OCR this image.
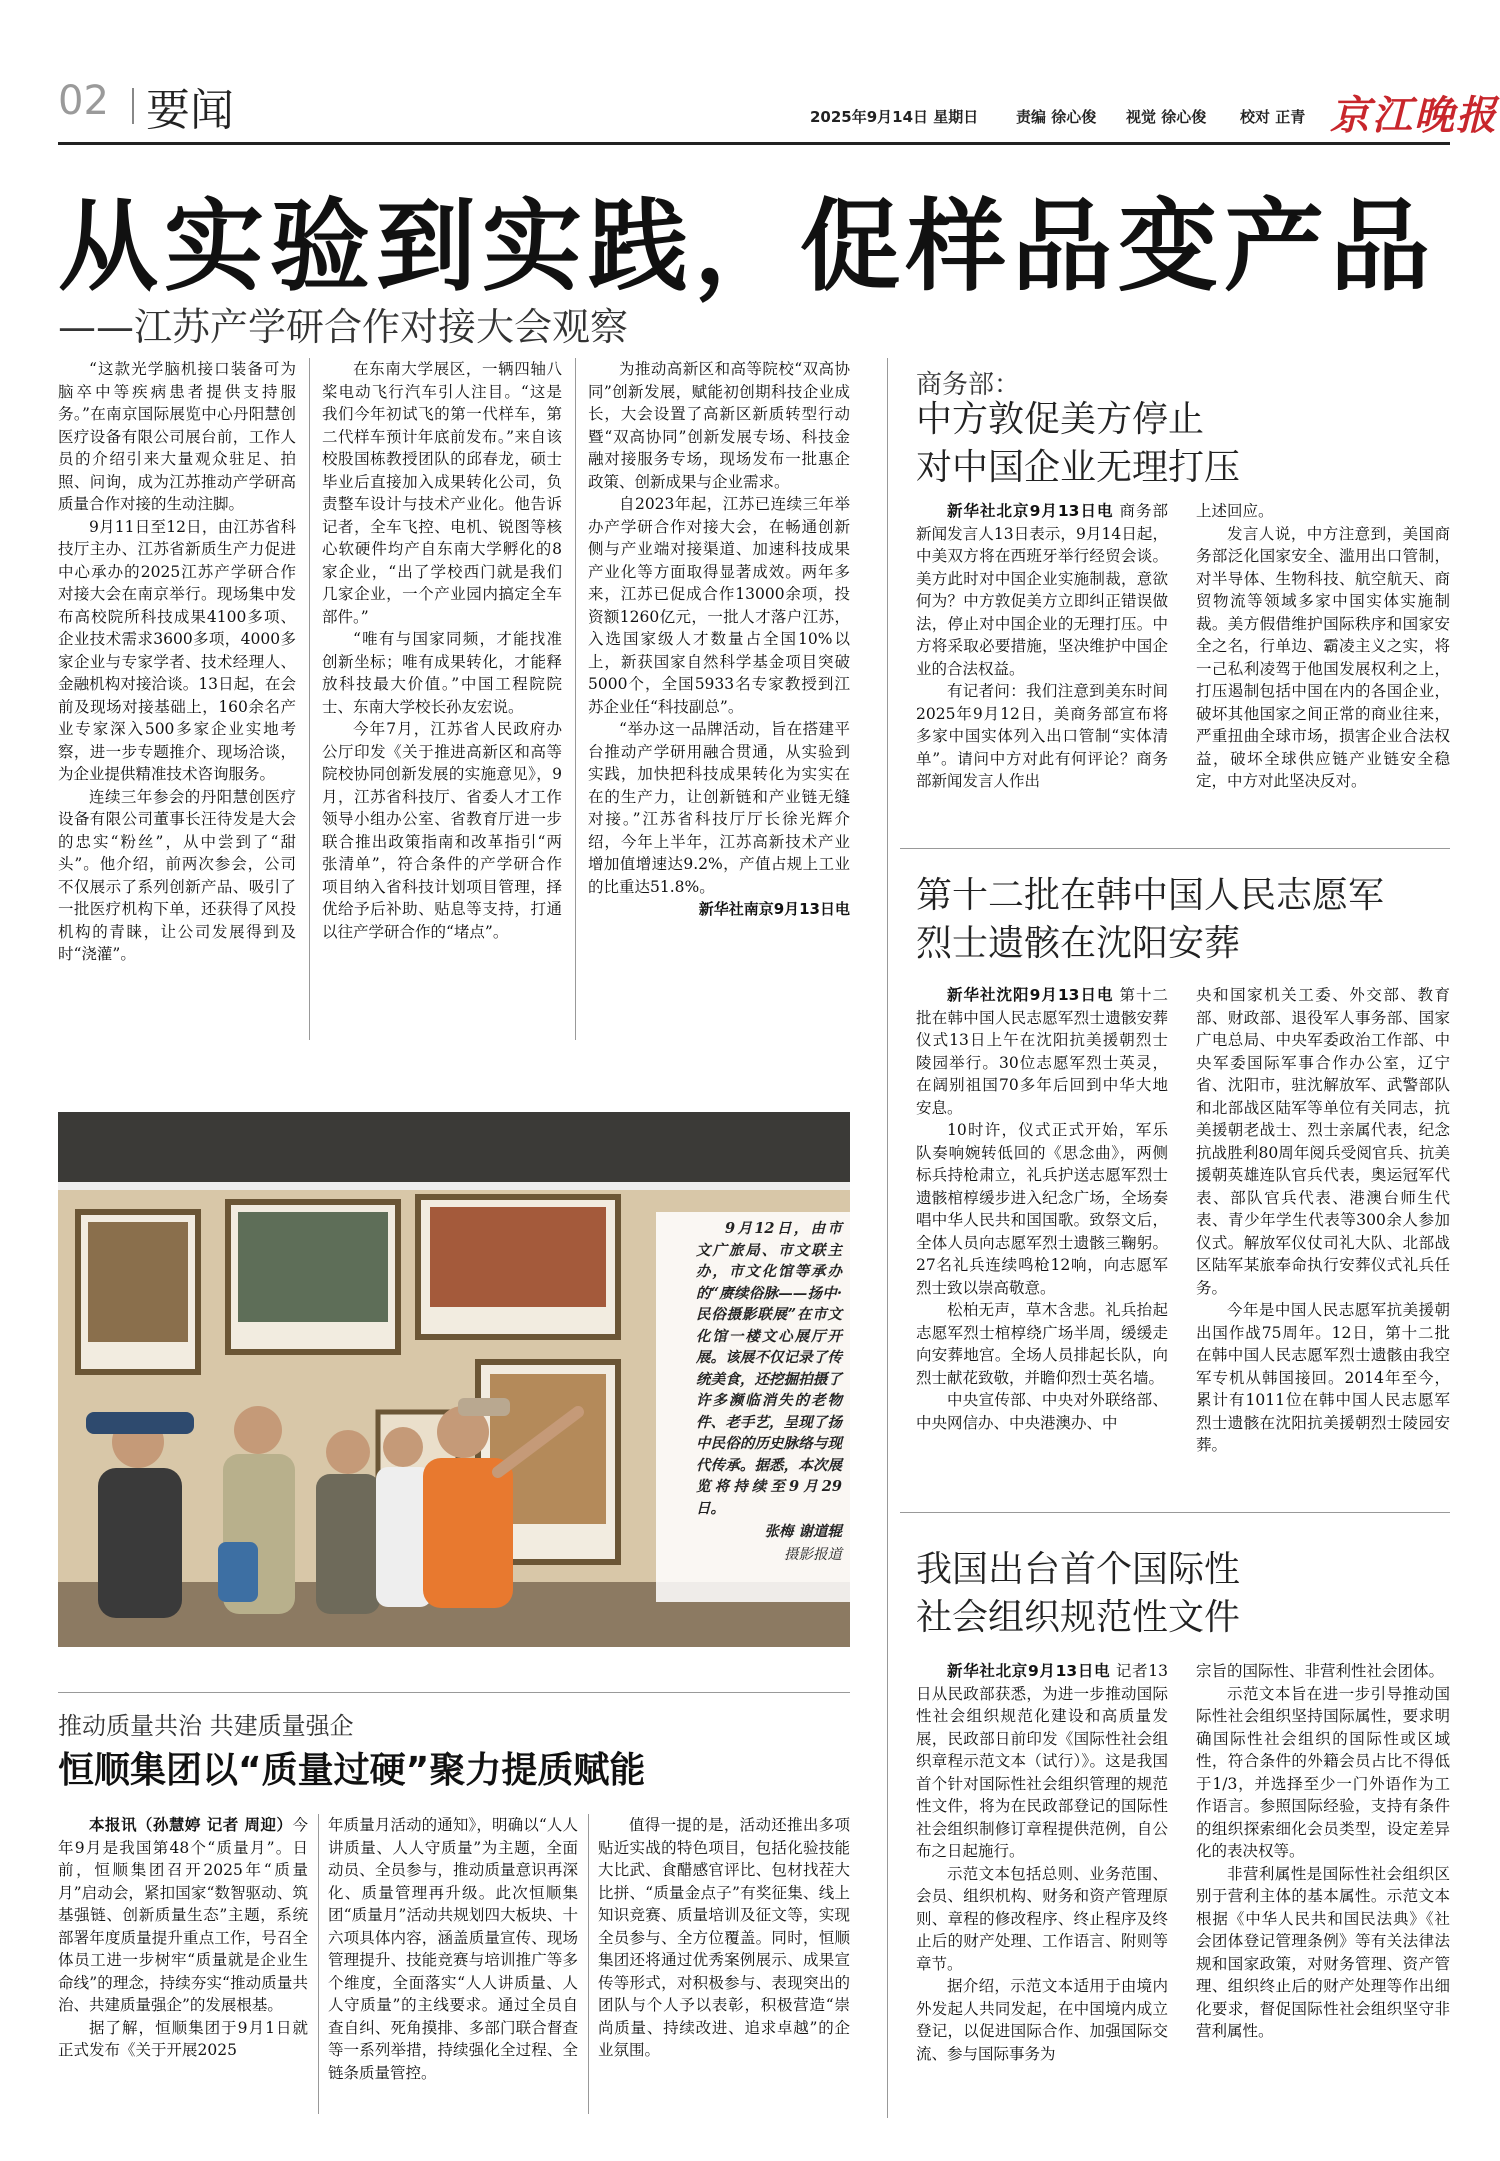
02 要闻	2025年9月14日 星期日	责编 徐心俊 视觉 徐心俊 校对 正青 京江晚报
从实验到实践，促样品变产品
——江苏产学研合作对接大会观察

“这款光学脑机接口装备可为脑卒中等疾病患者提供支持服务。”在南京国际展览中心丹阳慧创医疗设备有限公司展台前，工作人员的介绍引来大量观众驻足、拍照、问询，成为江苏推动产学研高质量合作对接的生动注脚。

9月11日至12日，由江苏省科技厅主办、江苏省新质生产力促进中心承办的2025江苏产学研合作对接大会在南京举行。现场集中发布高校院所科技成果4100多项、企业技术需求3600多项，4000多家企业与专家学者、技术经理人、金融机构对接洽谈。13日起，在会前及现场对接基础上，160余名产业专家深入500多家企业实地考察，进一步专题推介、现场洽谈，为企业提供精准技术咨询服务。

连续三年参会的丹阳慧创医疗设备有限公司董事长汪待发是大会的忠实“粉丝”，从中尝到了“甜头”。他介绍，前两次参会，公司不仅展示了系列创新产品、吸引了一批医疗机构下单，还获得了风投机构的青睐，让公司发展得到及时“浇灌”。

在东南大学展区，一辆四轴八桨电动飞行汽车引人注目。“这是我们今年初试飞的第一代样车，第二代样车预计年底前发布。”来自该校股国栋教授团队的邱春龙，硕士毕业后直接加入成果转化公司，负责整车设计与技术产业化。他告诉记者，全车飞控、电机、锐图等核心软硬件均产自东南大学孵化的8家企业，“出了学校西门就是我们几家企业，一个产业园内搞定全车部件。”

“唯有与国家同频，才能找准创新坐标；唯有成果转化，才能释放科技最大价值。”中国工程院院士、东南大学校长孙友宏说。

今年7月，江苏省人民政府办公厅印发《关于推进高新区和高等院校协同创新发展的实施意见》，9月，江苏省科技厅、省委人才工作领导小组办公室、省教育厅进一步联合推出政策指南和改革指引“两张清单”，符合条件的产学研合作项目纳入省科技计划项目管理，择优给予后补助、贴息等支持，打通以往产学研合作的“堵点”。

为推动高新区和高等院校“双高协同”创新发展，赋能初创期科技企业成长，大会设置了高新区新质转型行动暨“双高协同”创新发展专场、科技金融对接服务专场，现场发布一批惠企政策、创新成果与企业需求。

自2023年起，江苏已连续三年举办产学研合作对接大会，在畅通创新侧与产业端对接渠道、加速科技成果产业化等方面取得显著成效。两年多来，江苏已促成合作13000余项，投资额1260亿元，一批人才落户江苏，入选国家级人才数量占全国10%以上，新获国家自然科学基金项目突破5000个，全国5933名专家教授到江苏企业任“科技副总”。

“举办这一品牌活动，旨在搭建平台推动产学研用融合贯通，从实验到实践，加快把科技成果转化为实实在在的生产力，让创新链和产业链无缝对接。”江苏省科技厅厅长徐光辉介绍，今年上半年，江苏高新技术产业增加值增速达9.2%，产值占规上工业的比重达51.8%。

新华社南京9月13日电

9月12日，由市文广旅局、市文联主办，市文化馆等承办的“赓续俗脉——扬中·民俗摄影联展”在市文化馆一楼文心展厅开展。该展不仅记录了传统美食，还挖掘拍摄了许多濒临消失的老物件、老手艺，呈现了扬中民俗的历史脉络与现代传承。据悉，本次展览将持续至9月29日。

张梅 谢道辊
摄影报道
推动质量共治 共建质量强企
恒顺集团以“质量过硬”聚力提质赋能

本报讯（孙慧婷 记者 周迎）今年9月是我国第48个“质量月”。日前，恒顺集团召开2025年“质量月”启动会，紧扣国家“数智驱动、筑基强链、创新质量生态”主题，系统部署年度质量提升重点工作，号召全体员工进一步树牢“质量就是企业生命线”的理念，持续夯实“推动质量共治、共建质量强企”的发展根基。

据了解，恒顺集团于9月1日就正式发布《关于开展2025

年质量月活动的通知》，明确以“人人讲质量、人人守质量”为主题，全面动员、全员参与，推动质量意识再深化、质量管理再升级。此次恒顺集团“质量月”活动共规划四大板块、十六项具体内容，涵盖质量宣传、现场管理提升、技能竞赛与培训推广等多个维度，全面落实“人人讲质量、人人守质量”的主线要求。通过全员自查自纠、死角摸排、多部门联合督查等一系列举措，持续强化全过程、全链条质量管控。

值得一提的是，活动还推出多项贴近实战的特色项目，包括化验技能大比武、食醋感官评比、包材找茬大比拼、“质量金点子”有奖征集、线上知识竞赛、质量培训及征文等，实现全员参与、全方位覆盖。同时，恒顺集团还将通过优秀案例展示、成果宣传等形式，对积极参与、表现突出的团队与个人予以表彰，积极营造“崇尚质量、持续改进、追求卓越”的企业氛围。

商务部：
中方敦促美方停止
对中国企业无理打压

新华社北京9月13日电 商务部新闻发言人13日表示，9月14日起，中美双方将在西班牙举行经贸会谈。美方此时对中国企业实施制裁，意欲何为？中方敦促美方立即纠正错误做法，停止对中国企业的无理打压。中方将采取必要措施，坚决维护中国企业的合法权益。

有记者问：我们注意到美东时间2025年9月12日，美商务部宣布将多家中国实体列入出口管制“实体清单”。请问中方对此有何评论？商务部新闻发言人作出

上述回应。

发言人说，中方注意到，美国商务部泛化国家安全、滥用出口管制，对半导体、生物科技、航空航天、商贸物流等领域多家中国实体实施制裁。美方假借维护国际秩序和国家安全之名，行单边、霸凌主义之实，将一己私利凌驾于他国发展权利之上，打压遏制包括中国在内的各国企业，破坏其他国家之间正常的商业往来，严重扭曲全球市场，损害企业合法权益，破坏全球供应链产业链安全稳定，中方对此坚决反对。

第十二批在韩中国人民志愿军
烈士遗骸在沈阳安葬

新华社沈阳9月13日电 第十二批在韩中国人民志愿军烈士遗骸安葬仪式13日上午在沈阳抗美援朝烈士陵园举行。30位志愿军烈士英灵，在阔别祖国70多年后回到中华大地安息。

10时许，仪式正式开始，军乐队奏响婉转低回的《思念曲》，两侧标兵持枪肃立，礼兵护送志愿军烈士遗骸棺椁缓步进入纪念广场，全场奏唱中华人民共和国国歌。致祭文后，全体人员向志愿军烈士遗骸三鞠躬。27名礼兵连续鸣枪12响，向志愿军烈士致以崇高敬意。

松柏无声，草木含悲。礼兵抬起志愿军烈士棺椁绕广场半周，缓缓走向安葬地宫。全场人员排起长队，向烈士献花致敬，并瞻仰烈士英名墙。

中央宣传部、中央对外联络部、中央网信办、中央港澳办、中

央和国家机关工委、外交部、教育部、财政部、退役军人事务部、国家广电总局、中央军委政治工作部、中央军委国际军事合作办公室，辽宁省、沈阳市，驻沈解放军、武警部队和北部战区陆军等单位有关同志，抗美援朝老战士、烈士亲属代表，纪念抗战胜利80周年阅兵受阅官兵、抗美援朝英雄连队官兵代表，奥运冠军代表、部队官兵代表、港澳台师生代表、青少年学生代表等300余人参加仪式。解放军仪仗司礼大队、北部战区陆军某旅奉命执行安葬仪式礼兵任务。

今年是中国人民志愿军抗美援朝出国作战75周年。12日，第十二批在韩中国人民志愿军烈士遗骸由我空军专机从韩国接回。2014年至今，累计有1011位在韩中国人民志愿军烈士遗骸在沈阳抗美援朝烈士陵园安葬。

我国出台首个国际性
社会组织规范性文件

新华社北京9月13日电 记者13日从民政部获悉，为进一步推动国际性社会组织规范化建设和高质量发展，民政部日前印发《国际性社会组织章程示范文本（试行）》。这是我国首个针对国际性社会组织管理的规范性文件，将为在民政部登记的国际性社会组织制修订章程提供范例，自公布之日起施行。

示范文本包括总则、业务范围、会员、组织机构、财务和资产管理原则、章程的修改程序、终止程序及终止后的财产处理、工作语言、附则等章节。

据介绍，示范文本适用于由境内外发起人共同发起，在中国境内成立登记，以促进国际合作、加强国际交流、参与国际事务为

宗旨的国际性、非营利性社会团体。

示范文本旨在进一步引导推动国际性社会组织坚持国际属性，要求明确国际性社会组织的国际性或区域性，符合条件的外籍会员占比不得低于1/3，并选择至少一门外语作为工作语言。参照国际经验，支持有条件的组织探索细化会员类型，设定差异化的表决权等。

非营利属性是国际性社会组织区别于营利主体的基本属性。示范文本根据《中华人民共和国民法典》《社会团体登记管理条例》等有关法律法规和国家政策，对财务管理、资产管理、组织终止后的财产处理等作出细化要求，督促国际性社会组织坚守非营利属性。
